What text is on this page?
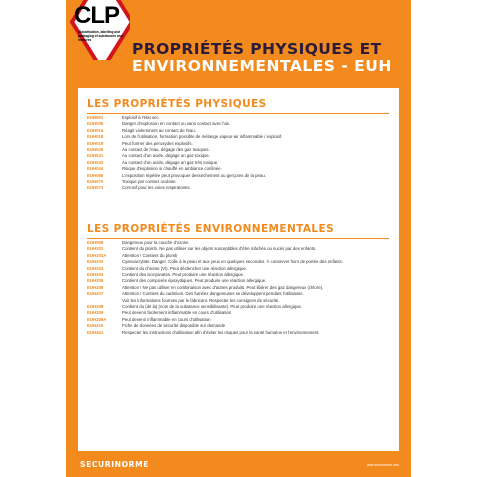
CLP
Classification, labelling and packaging of substances and mixtures
PROPRIÉTÉS PHYSIQUES ET
ENVIRONNEMENTALES - EUH
LES PROPRIÉTÉS PHYSIQUES
EUH001	Explosif à l'état sec.
EUH006	Danger d'explosion en contact ou sans contact avec l'air.
EUH014	Réagit violemment au contact de l'eau.
EUH018	Lors de l'utilisation, formation possible de mélange vapeur-air inflammable / explosif.
EUH019	Peut former des peroxydes explosifs.
EUH029	Au contact de l'eau, dégage des gaz toxiques.
EUH031	Au contact d'un acide, dégage un gaz toxique.
EUH032	Au contact d'un acide, dégage un gaz très toxique.
EUH044	Risque d'explosion si chauffé en ambiance confinée.
EUH066	L'exposition répétée peut provoquer dessèchement ou gerçures de la peau.
EUH070	Toxique par contact oculaire.
EUH071	Corrosif pour les voies respiratoires.
LES PROPRIÉTÉS ENVIRONNEMENTALES
EUH059	Dangereux pour la couche d'ozone
EUH201	Contient du plomb. Ne pas utiliser sur les objets susceptibles d'être mâchés ou sucés par des enfants.
EUH201A	Attention ! Contient du plomb
EUH202	Cyanoacrylate. Danger. Colle à la peau et aux yeux en quelques secondes. À conserver hors de portée des enfants.
EUH203	Contient du chrome (VI). Peut déclencher une réaction allergique.
EUH204	Contient des isocyanates. Peut produire une réaction allergique.
EUH205	Contient des composés époxydiques. Peut produire une réaction allergique.
EUH206	Attention ! Ne pas utiliser en combinaison avec d'autres produits. Peut libérer des gaz dangereux (chlore).
EUH207	Attention ! Contient du cadmium. Des fumées dangereuses se développent pendant l'utilisation.
Voir les informations fournies par le fabricant. Respecter les consignes de sécurité.
EUH208	Contient du (de la) (nom de la substance sensibilisante). Peut produire une réaction allergique.
EUH209	Peut devenir facilement inflammable en cours d'utilisation
EUH209A	Peut devenir inflammable en cours d'utilisation
EUH210	Fiche de données de sécurité disponible sur demande
EUH401	Respecter les instructions d'utilisation afin d'éviter les risques pour la santé humaine et l'environnement.
SECURINORME	www.securinorme.com
